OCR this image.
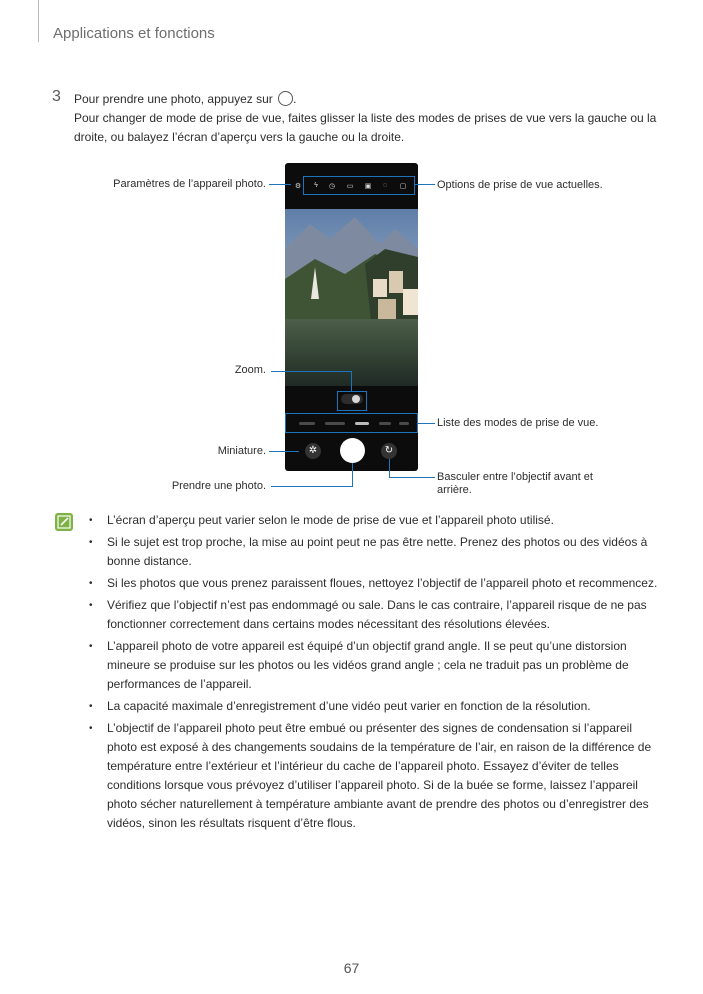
Applications et fonctions
3 Pour prendre une photo, appuyez sur .

Pour changer de mode de prise de vue, faites glisser la liste des modes de prises de vue vers la gauche ou la droite, ou balayez l’écran d’aperçu vers la gauche ou la droite.

⚙	ϟ	◷ ▭ ▣	◌	▢
✲	↻
Paramètres de l’appareil photo.	Options de prise de vue actuelles.
Zoom.
Liste des modes de prise de vue.
Miniature.
Basculer entre l’objectif avant et arrière.
Prendre une photo.
• L’écran d’aperçu peut varier selon le mode de prise de vue et l’appareil photo utilisé.
• Si le sujet est trop proche, la mise au point peut ne pas être nette. Prenez des photos ou des vidéos à bonne distance.
• Si les photos que vous prenez paraissent floues, nettoyez l’objectif de l’appareil photo et recommencez.
• Vérifiez que l’objectif n’est pas endommagé ou sale. Dans le cas contraire, l’appareil risque de ne pas fonctionner correctement dans certains modes nécessitant des résolutions élevées.
• L’appareil photo de votre appareil est équipé d’un objectif grand angle. Il se peut qu’une distorsion mineure se produise sur les photos ou les vidéos grand angle ; cela ne traduit pas un problème de performances de l’appareil.
• La capacité maximale d’enregistrement d’une vidéo peut varier en fonction de la résolution.
• L’objectif de l’appareil photo peut être embué ou présenter des signes de condensation si l’appareil photo est exposé à des changements soudains de la température de l’air, en raison de la différence de température entre l’extérieur et l’intérieur du cache de l’appareil photo. Essayez d’éviter de telles conditions lorsque vous prévoyez d’utiliser l’appareil photo. Si de la buée se forme, laissez l’appareil photo sécher naturellement à température ambiante avant de prendre des photos ou d’enregistrer des vidéos, sinon les résultats risquent d’être flous.
67
